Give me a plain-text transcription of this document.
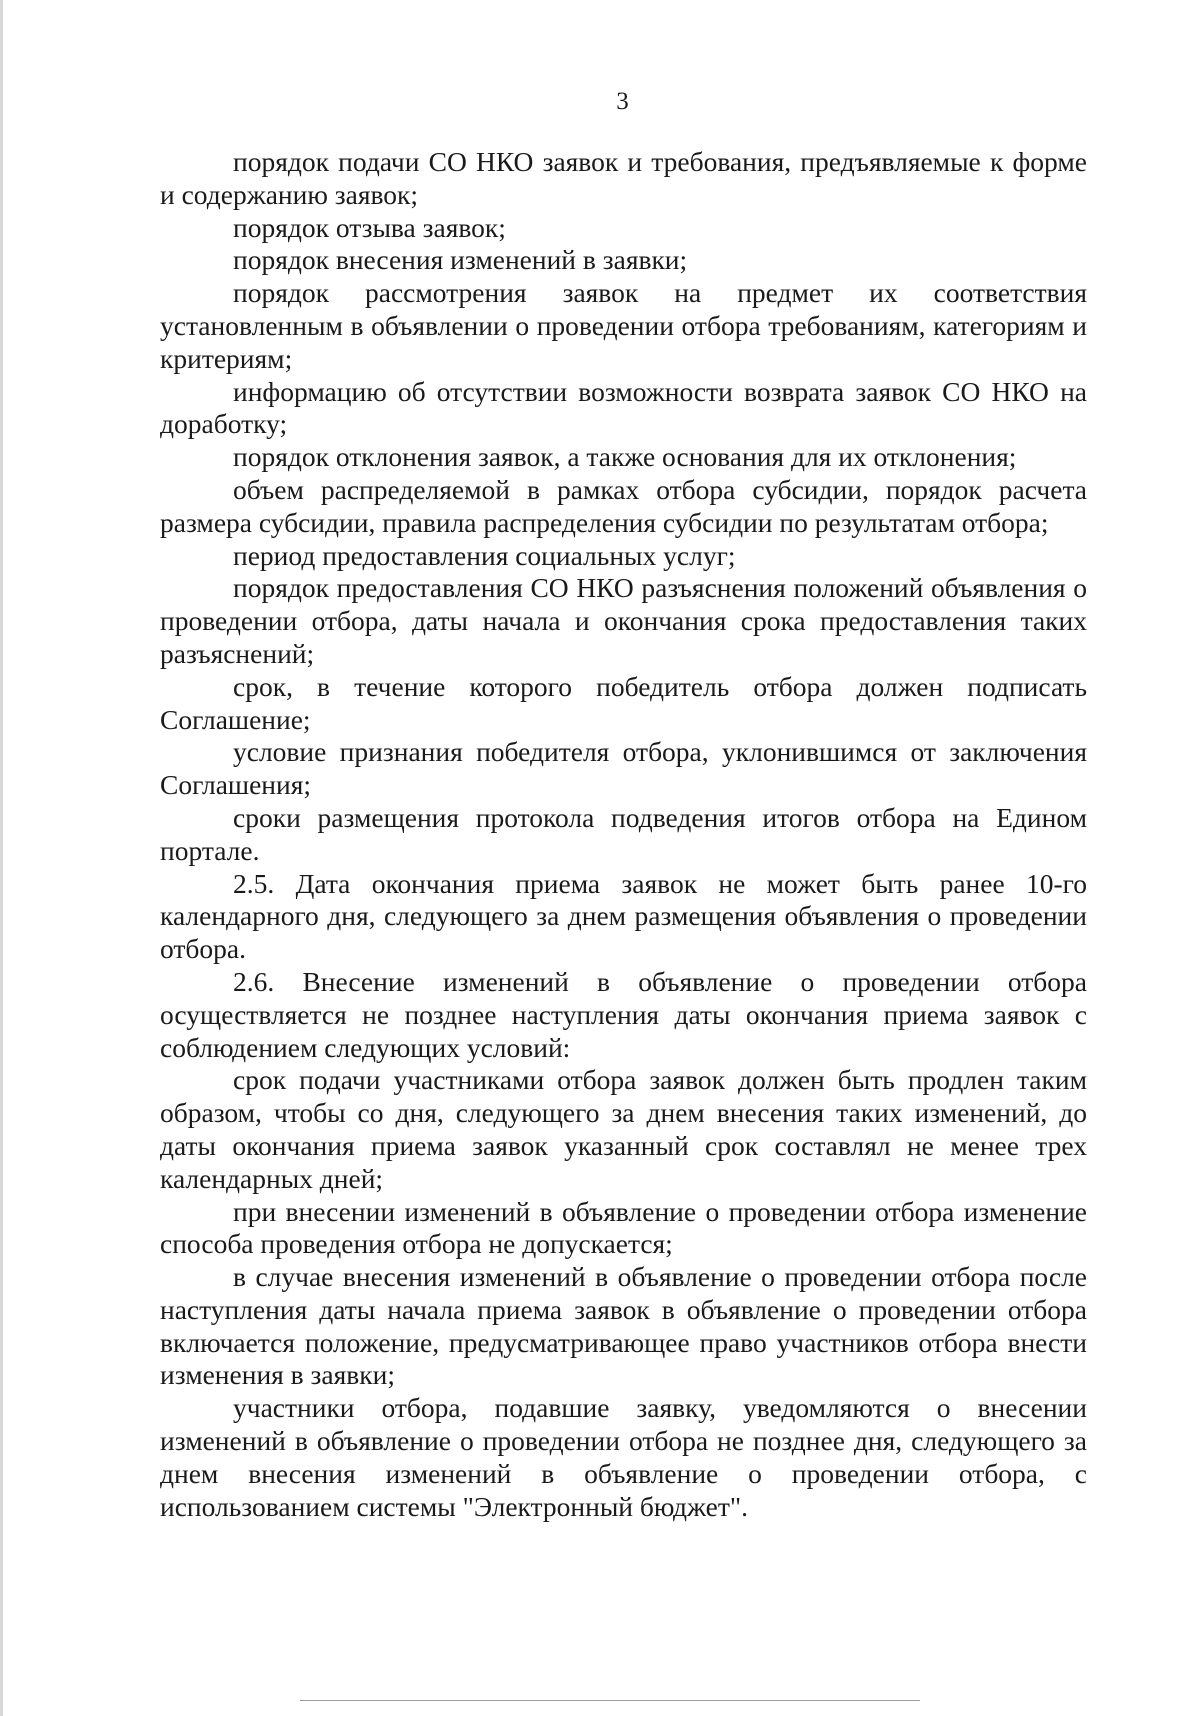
3

порядок подачи СО НКО заявок и требования, предъявляемые к форме и содержанию заявок;

порядок отзыва заявок;

порядок внесения изменений в заявки;

порядок рассмотрения заявок на предмет их соответствия установленным в объявлении о проведении отбора требованиям, категориям и критериям;

информацию об отсутствии возможности возврата заявок СО НКО на доработку;

порядок отклонения заявок, а также основания для их отклонения;

объем распределяемой в рамках отбора субсидии, порядок расчета размера субсидии, правила распределения субсидии по результатам отбора;

период предоставления социальных услуг;

порядок предоставления СО НКО разъяснения положений объявления о проведении отбора, даты начала и окончания срока предоставления таких разъяснений;

срок, в течение которого победитель отбора должен подписать Соглашение;

условие признания победителя отбора, уклонившимся от заключения Соглашения;

сроки размещения протокола подведения итогов отбора на Едином портале.

2.5. Дата окончания приема заявок не может быть ранее 10-го календарного дня, следующего за днем размещения объявления о проведении отбора.

2.6. Внесение изменений в объявление о проведении отбора осуществляется не позднее наступления даты окончания приема заявок с соблюдением следующих условий:

срок подачи участниками отбора заявок должен быть продлен таким образом, чтобы со дня, следующего за днем внесения таких изменений, до даты окончания приема заявок указанный срок составлял не менее трех календарных дней;

при внесении изменений в объявление о проведении отбора изменение способа проведения отбора не допускается;

в случае внесения изменений в объявление о проведении отбора после наступления даты начала приема заявок в объявление о проведении отбора включается положение, предусматривающее право участников отбора внести изменения в заявки;

участники отбора, подавшие заявку, уведомляются о внесении изменений в объявление о проведении отбора не позднее дня, следующего за днем внесения изменений в объявление о проведении отбора, с использованием системы "Электронный бюджет".
